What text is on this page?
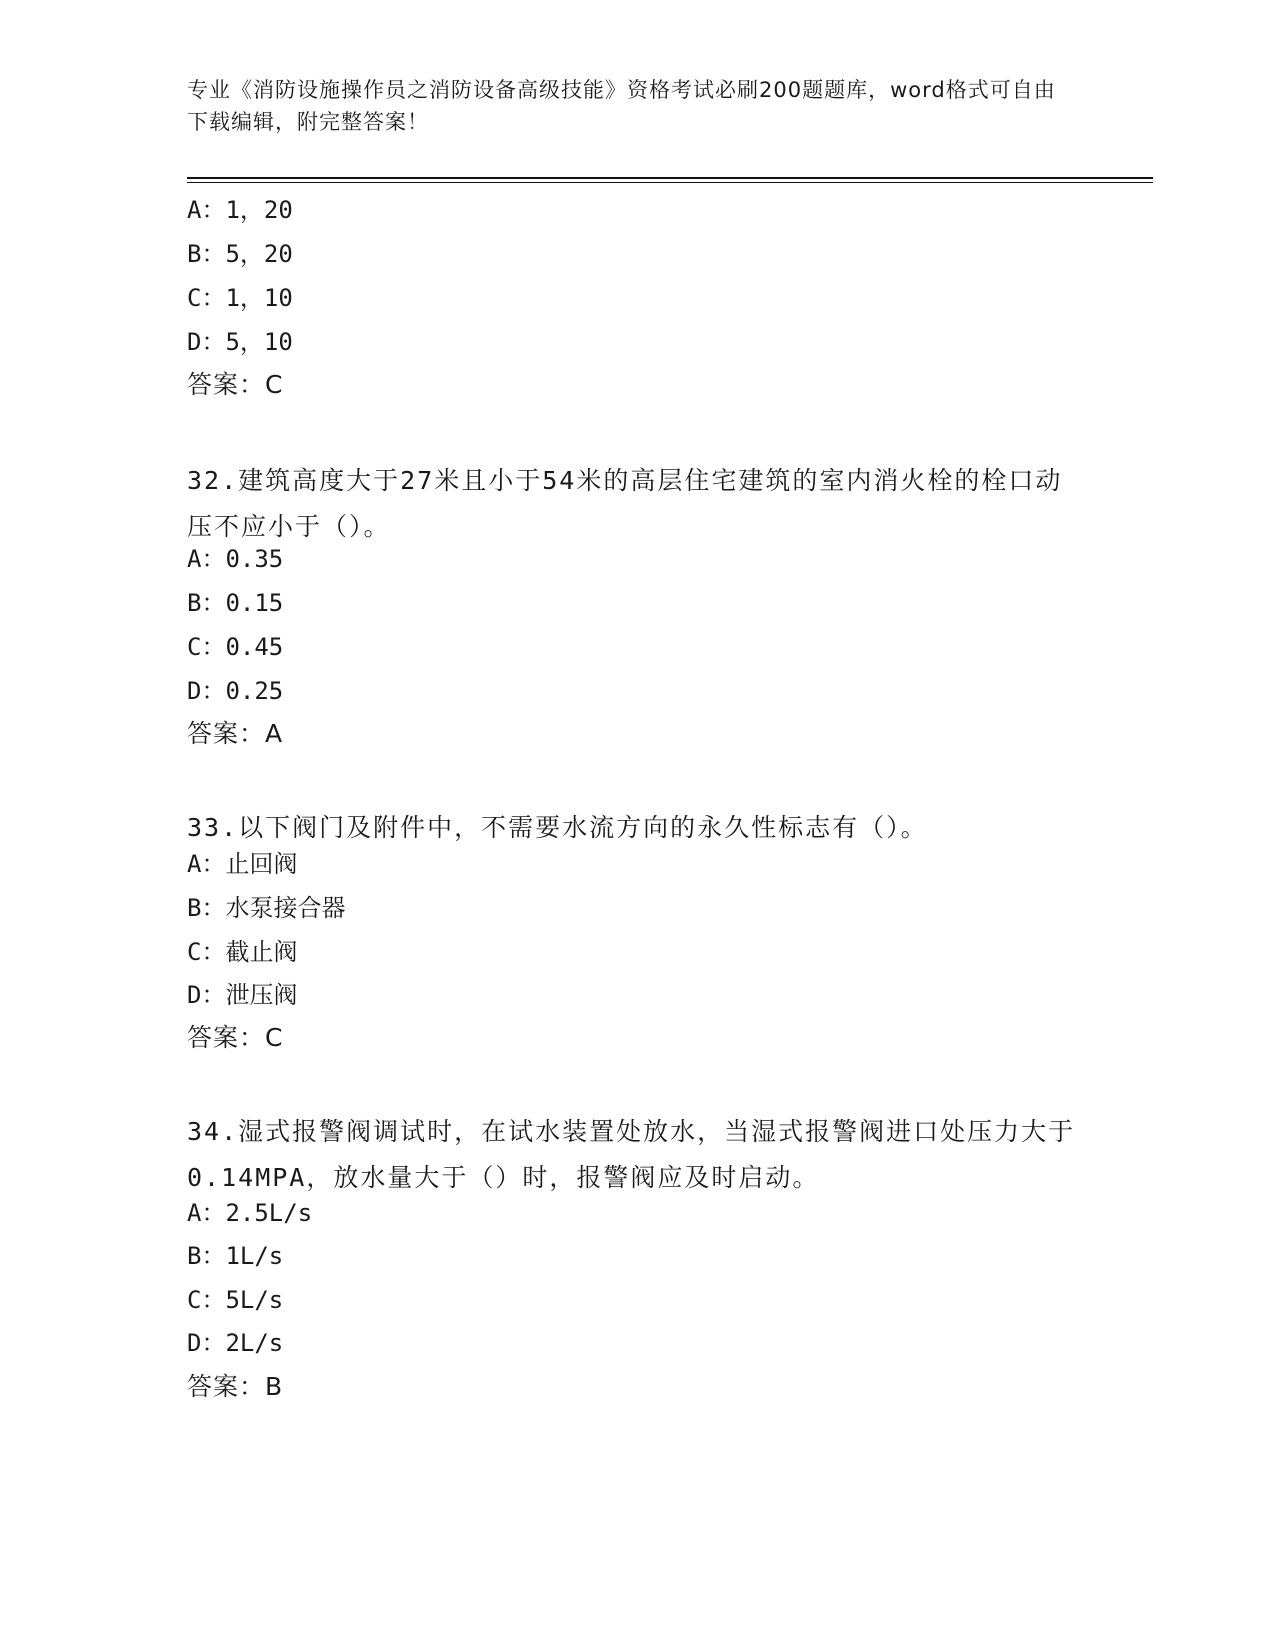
专业《消防设施操作员之消防设备高级技能》资格考试必刷200题题库，word格式可自由下载编辑，附完整答案！
A：1，20
B：5，20
C：1，10
D：5，10
答案：C
32.建筑高度大于27米且小于54米的高层住宅建筑的室内消火栓的栓口动压不应小于（）。
A：0.35
B：0.15
C：0.45
D：0.25
答案：A
33.以下阀门及附件中，不需要水流方向的永久性标志有（）。
A：止回阀
B：水泵接合器
C：截止阀
D：泄压阀
答案：C
34.湿式报警阀调试时，在试水装置处放水，当湿式报警阀进口处压力大于0.14MPA，放水量大于（）时，报警阀应及时启动。
A：2.5L/s
B：1L/s
C：5L/s
D：2L/s
答案：B
